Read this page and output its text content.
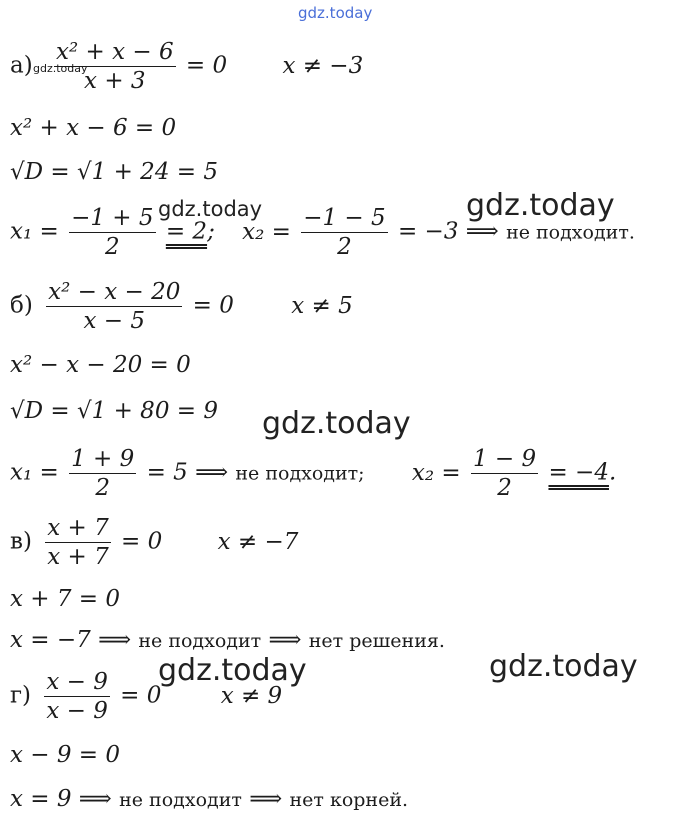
gdz.today
$а) \frac{\text{x² + x − 6}}{x + 3} = 0$ x ≠ −3
gdz.today
x² + x − 6 = 0
√D = √1 + 24 = 5
$x_1 = \frac{-1 + 5}{2} = 2$; $x_2 = \frac{-1 - 5}{2} = -3$ ⟹ не подходит.
gdz.today	gdz.today
$б) \frac{\text{x² − x − 20}}{x - 5} = 0$ x ≠ 5
x² − x − 20 = 0
√D = √1 + 80 = 9 gdz.today
$x_1 = \frac{1 + 9}{2} = 5$ ⟹ не подходит; $x_2 = \frac{1 - 9}{2} = -4$.
$в) \frac{x + 7}{x + 7} = 0$ x ≠ −7
x + 7 = 0
x = −7 ⟹ не подходит ⟹ нет решения.
gdz.today	gdz.today
$г) \frac{x - 9}{x - 9} = 0$	x ≠ 9
x − 9 = 0
x = 9 ⟹ не подходит ⟹ нет корней.
